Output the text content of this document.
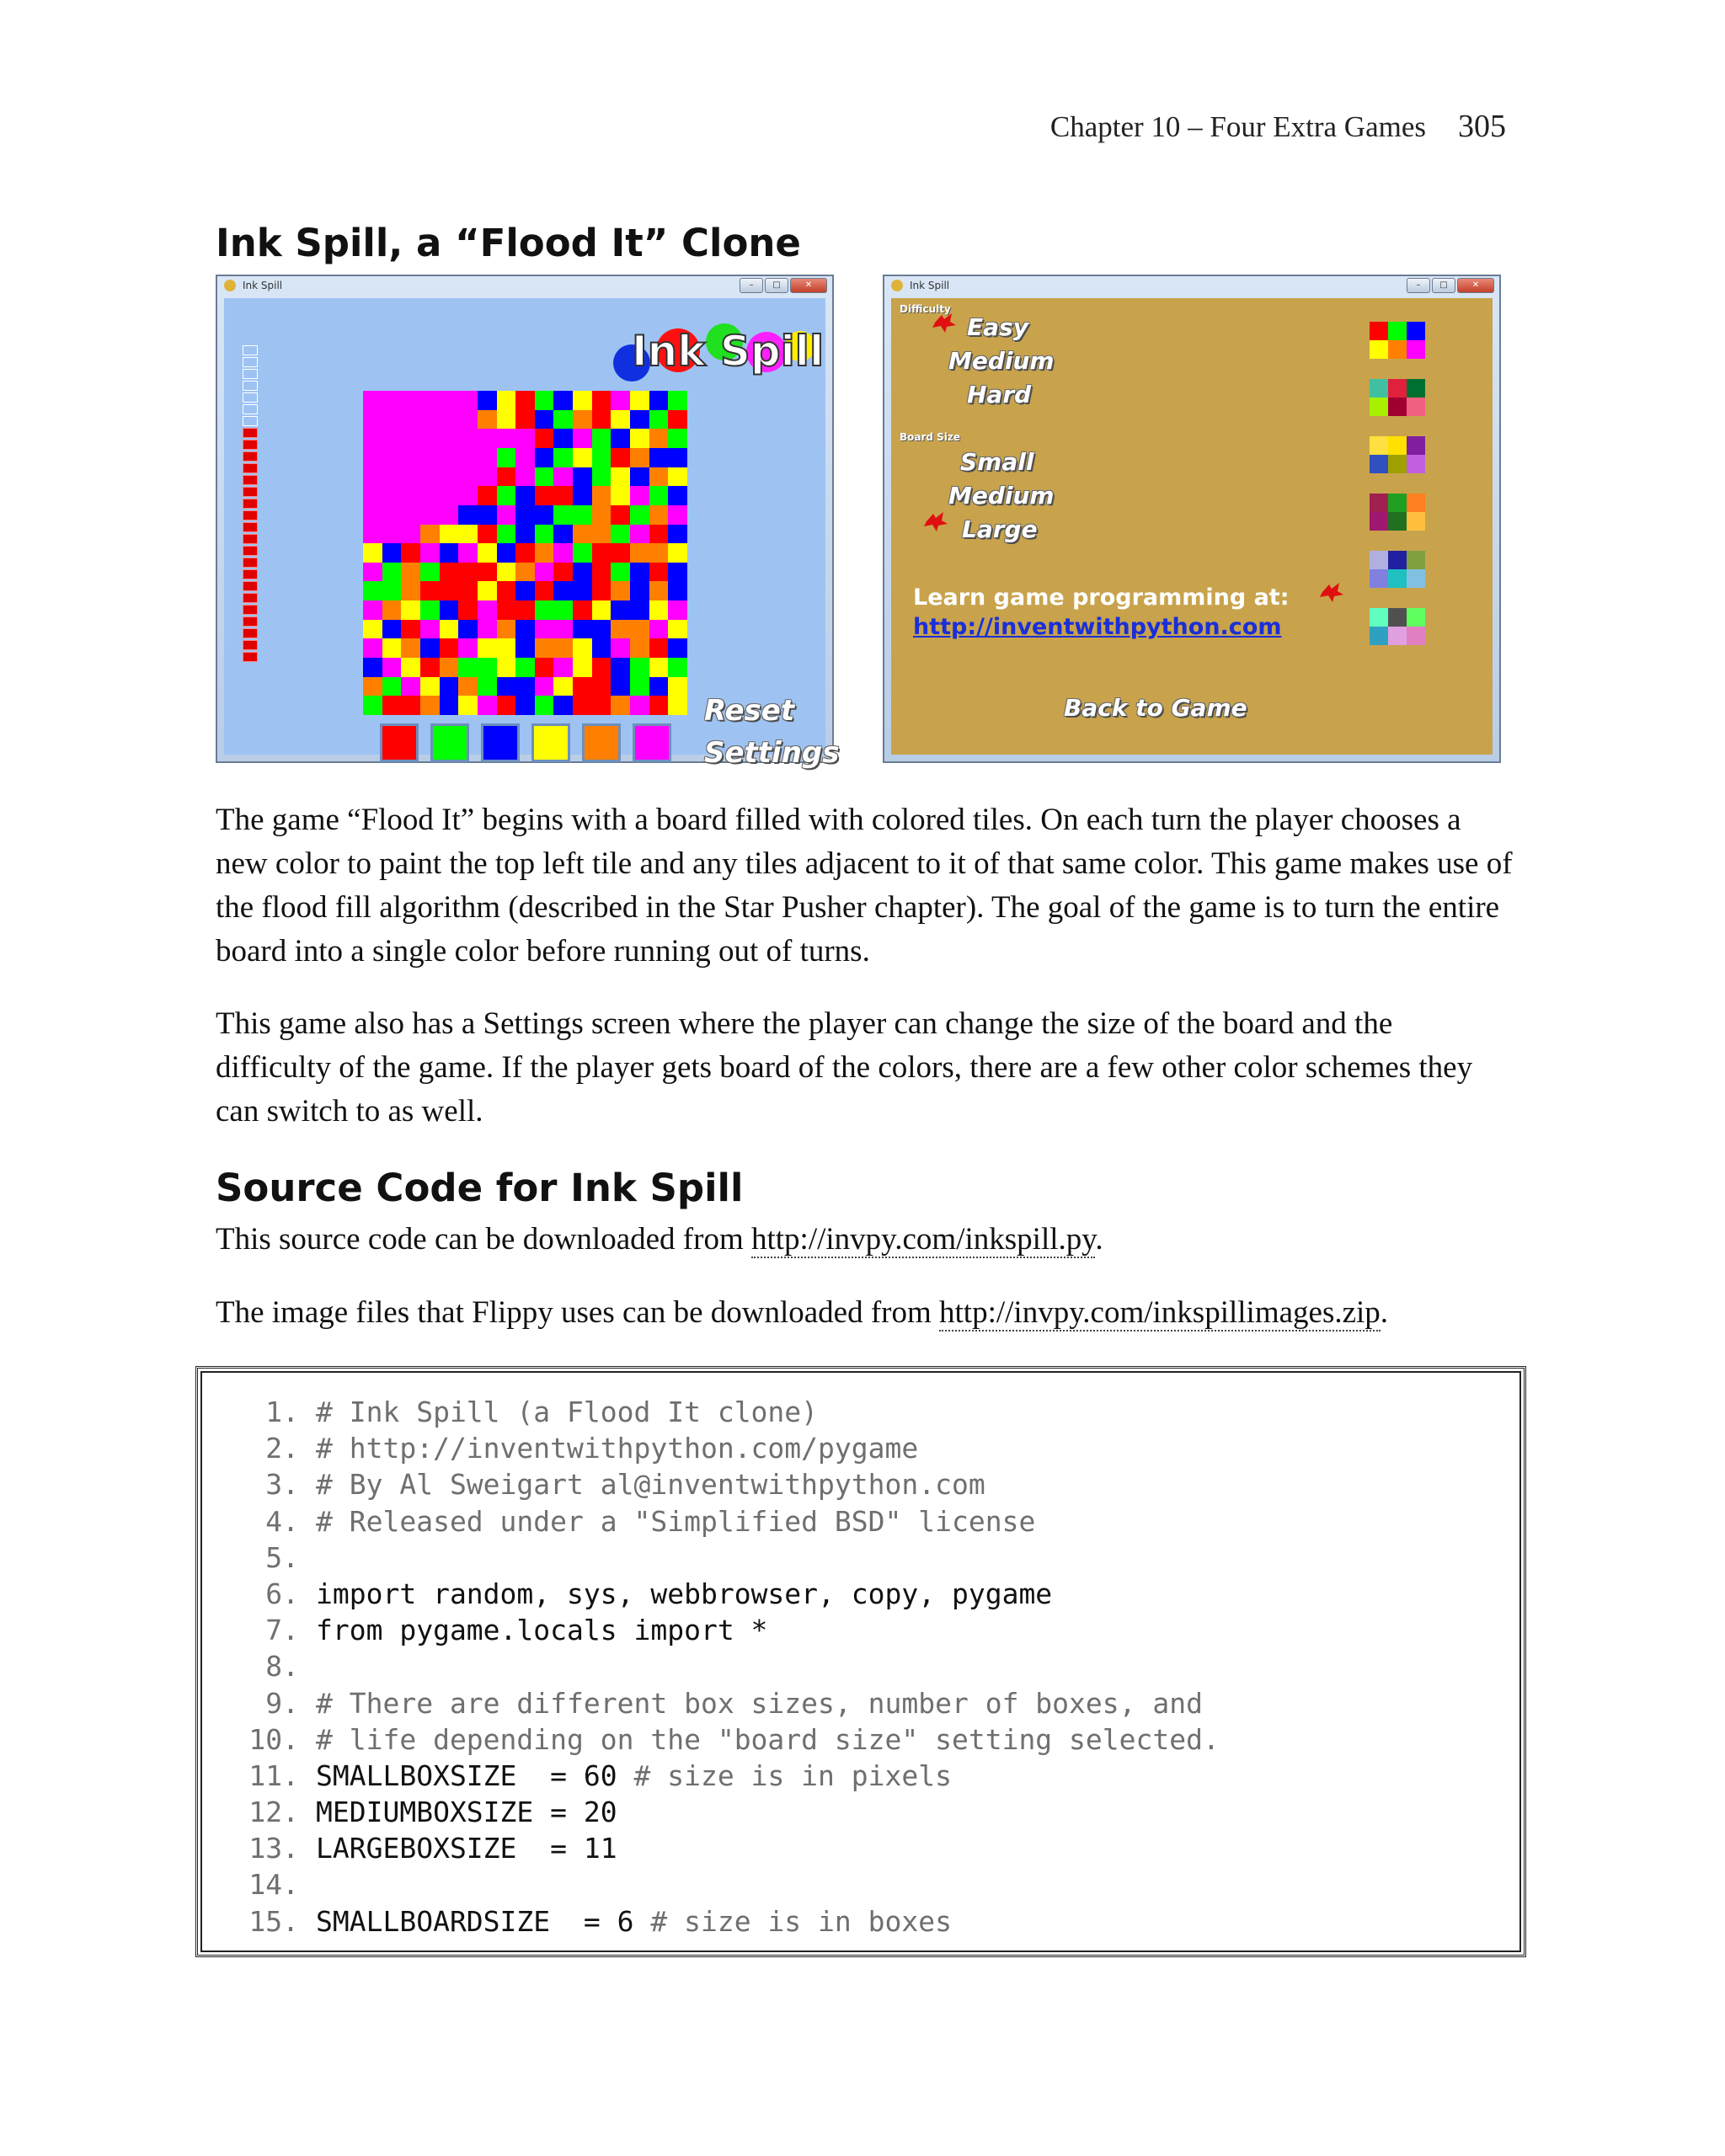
Chapter 10 – Four Extra Games 305
Ink Spill, a “Flood It” Clone
Ink Spill	–	□	✕
Ink Spill
Reset
Settings
Ink Spill	–	□	✕
Difficulty
Easy
Medium
Hard
Board Size
Small
Medium
Large
Learn game programming at:
http://inventwithpython.com
Back to Game

The game “Flood It” begins with a board filled with colored tiles. On each turn the player chooses a new color to paint the top left tile and any tiles adjacent to it of that same color. This game makes use of the flood fill algorithm (described in the Star Pusher chapter). The goal of the game is to turn the entire board into a single color before running out of turns.

This game also has a Settings screen where the player can change the size of the board and the difficulty of the game. If the player gets board of the colors, there are a few other color schemes they can switch to as well.

Source Code for Ink Spill

This source code can be downloaded from http://invpy.com/inkspill.py.

The image files that Flippy uses can be downloaded from http://invpy.com/inkspillimages.zip.

1. # Ink Spill (a Flood It clone)
2. # http://inventwithpython.com/pygame
3. # By Al Sweigart al@inventwithpython.com
4. # Released under a "Simplified BSD" license
5.
6. import random, sys, webbrowser, copy, pygame
7. from pygame.locals import *
8.
9. # There are different box sizes, number of boxes, and
10. # life depending on the "board size" setting selected.
11. SMALLBOXSIZE  = 60 # size is in pixels
12. MEDIUMBOXSIZE = 20
13. LARGEBOXSIZE  = 11
14.
15. SMALLBOARDSIZE  = 6 # size is in boxes
